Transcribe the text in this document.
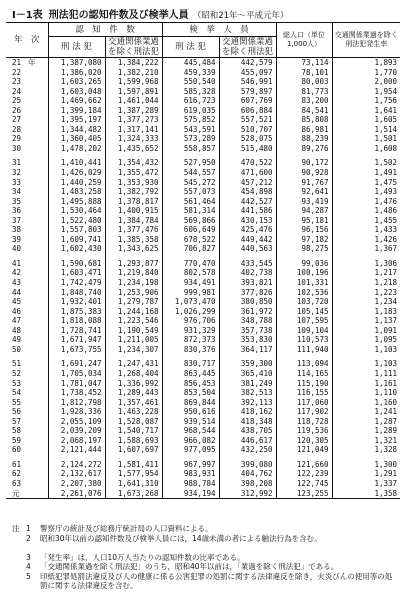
Ⅰ－1表 刑法犯の認知件数及び検挙人員 （昭和21年～平成元年）
年　次	認　知　件　数		検　挙　人　員		総人口（単位 1,000人）	交通関係業過を除く刑法犯発生率
	刑 法 犯	交通関係業過を除く刑法犯	刑 法 犯	交通関係業過を除く刑法犯		
21 年	1,387,080	1,384,222	445,484	442,579	73,114	1,893
22	1,386,020	1,382,210	459,339	455,097	78,101	1,770
23	1,603,265	1,599,968	550,540	546,991	80,003	2,000
24	1,603,048	1,597,891	585,328	579,897	81,773	1,954
25	1,469,662	1,461,044	616,723	607,769	83,200	1,756
26	1,399,184	1,387,289	619,035	606,884	84,541	1,641
27	1,395,197	1,377,273	575,852	557,521	85,808	1,605
28	1,344,482	1,317,141	543,591	510,707	86,981	1,514
29	1,360,405	1,324,333	573,289	528,075	88,239	1,501
30	1,478,202	1,435,652	558,857	515,480	89,276	1,608

31	1,410,441	1,354,432	527,950	470,522	90,172	1,502
32	1,426,029	1,355,472	544,557	471,600	90,928	1,491
33	1,440,259	1,353,930	545,272	457,212	91,767	1,475
34	1,483,258	1,382,792	557,073	454,898	92,641	1,493
35	1,495,888	1,378,817	561,464	442,527	93,419	1,476
36	1,530,464	1,400,915	581,314	441,586	94,287	1,486
37	1,522,480	1,384,784	569,866	430,153	95,181	1,455
38	1,557,803	1,377,476	606,649	425,476	96,156	1,433
39	1,609,741	1,385,358	678,522	449,442	97,182	1,426
40	1,602,430	1,343,625	706,827	440,563	98,275	1,367

41	1,590,681	1,293,877	770,470	433,545	99,036	1,306
42	1,603,471	1,219,840	802,578	402,738	100,196	1,217
43	1,742,479	1,234,198	934,491	393,821	101,331	1,218
44	1,848,740	1,253,906	999,981	377,826	102,536	1,223
45	1,932,401	1,279,787	1,073,470	380,850	103,720	1,234
46	1,875,383	1,244,168	1,026,299	361,972	105,145	1,183
47	1,818,088	1,223,546	976,706	348,788	107,595	1,137
48	1,728,741	1,190,549	931,329	357,738	109,104	1,091
49	1,671,947	1,211,005	872,373	353,830	110,573	1,095
50	1,673,755	1,234,307	830,376	364,117	111,940	1,103

51	1,691,247	1,247,431	830,717	359,300	113,094	1,103
52	1,705,034	1,268,404	863,445	365,410	114,165	1,111
53	1,781,047	1,336,992	856,453	381,249	115,190	1,161
54	1,738,452	1,289,443	853,504	382,513	116,155	1,110
55	1,812,798	1,357,461	869,844	392,113	117,060	1,160
56	1,928,336	1,463,228	950,616	418,162	117,902	1,241
57	2,055,109	1,528,087	939,514	418,348	118,728	1,287
58	2,039,209	1,540,717	968,544	438,705	119,536	1,289
59	2,068,197	1,588,693	966,082	446,617	120,305	1,321
60	2,121,444	1,607,697	977,095	432,250	121,049	1,328

61	2,124,272	1,581,411	967,997	399,080	121,660	1,300
62	2,132,617	1,577,954	983,931	404,762	122,239	1,291
63	2,207,380	1,641,310	988,784	398,208	122,745	1,337
元	2,261,076	1,673,268	934,194	312,992	123,255	1,358
注 1	警察庁の統計及び総務庁統計局の人口資料による。
2	昭和30年以前の認知件数及び検挙人員には，14歳未満の者による触法行為を含む。
3	「発生率」は，人口10万人当たりの認知件数の比率である。
4	「交通関係業過を除く刑法犯」のうち，昭和40年以前は，「業過を除く刑法犯」である。
5	印紙犯罪処罰法違反及び人の健康に係る公害犯罪の処罰に関する法律違反を除き，火炎びんの使用等の処罰に関する法律違反を含む。
